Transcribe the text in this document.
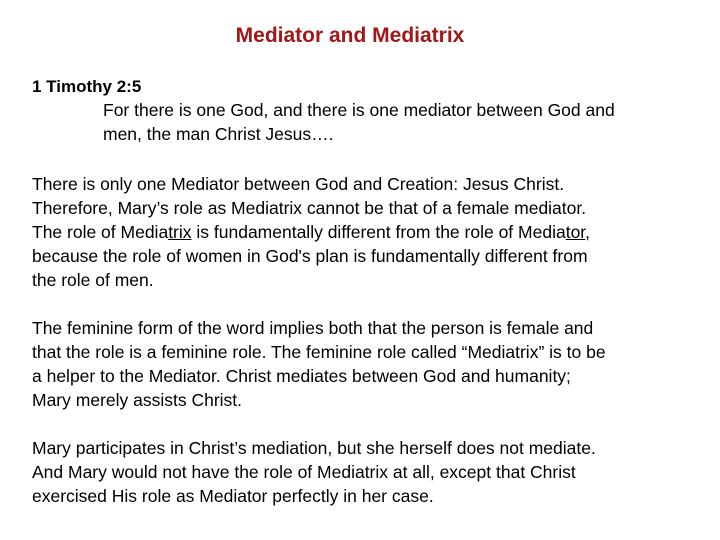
Mediator and Mediatrix
1 Timothy 2:5
For there is one God, and there is one mediator between God and
men, the man Christ Jesus….
There is only one Mediator between God and Creation: Jesus Christ.
Therefore, Mary’s role as Mediatrix cannot be that of a female mediator.
The role of Mediatrix is fundamentally different from the role of Mediator,
because the role of women in God's plan is fundamentally different from
the role of men.
The feminine form of the word implies both that the person is female and
that the role is a feminine role. The feminine role called “Mediatrix” is to be
a helper to the Mediator. Christ mediates between God and humanity;
Mary merely assists Christ.
Mary participates in Christ’s mediation, but she herself does not mediate.
And Mary would not have the role of Mediatrix at all, except that Christ
exercised His role as Mediator perfectly in her case.
